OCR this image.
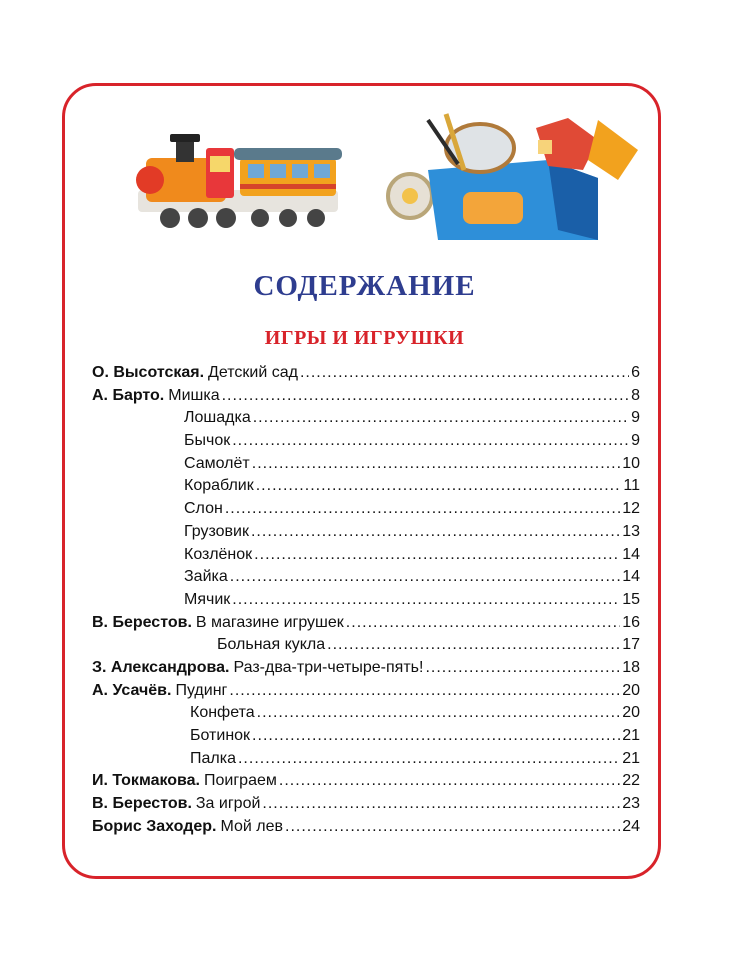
СОДЕРЖАНИЕ
ИГРЫ И ИГРУШКИ
О. Высотская. Детский сад .....	6
А. Барто. Мишка .....	8
Лошадка .....	9
Бычок .....	9
Самолёт .....	10
Кораблик .....	11
Слон .....	12
Грузовик .....	13
Козлёнок .....	14
Зайка .....	14
Мячик .....	15
В. Берестов. В магазине игрушек .....	16
Больная кукла .....	17
З. Александрова. Раз-два-три-четыре-пять! .....	18
А. Усачёв. Пудинг .....	20
Конфета .....	20
Ботинок .....	21
Палка .....	21
И. Токмакова. Поиграем .....	22
В. Берестов. За игрой .....	23
Борис Заходер. Мой лев .....	24
